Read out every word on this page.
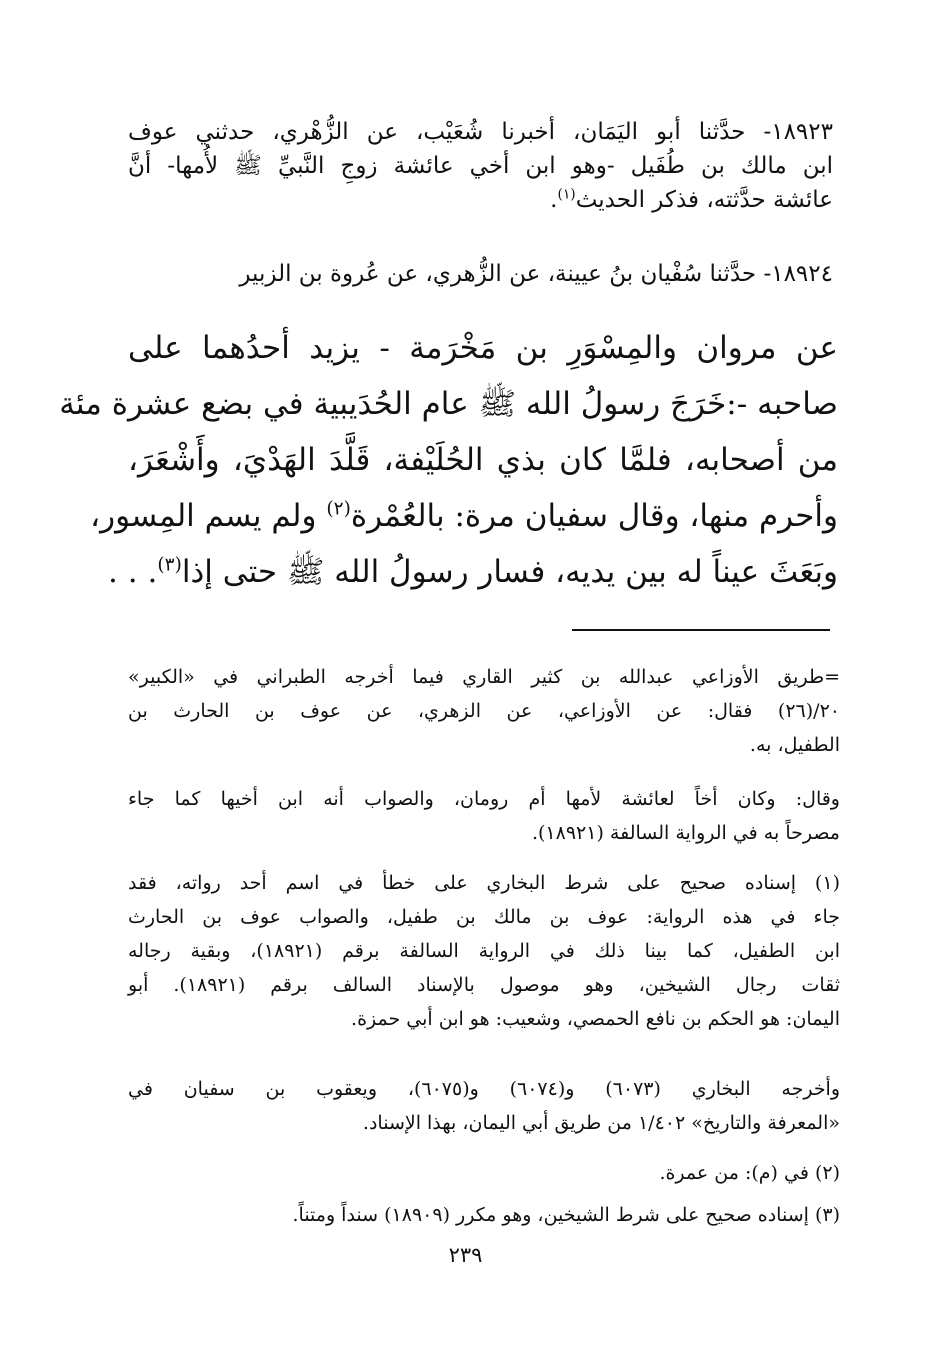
١٨٩٢٣- حدَّثنا أبو اليَمَان، أخبرنا شُعَيْب، عن الزُّهْري، حدثني عوف
ابن مالك بن طُفَيل -وهو ابن أخي عائشة زوجِ النَّبيِّ ﷺ لأُمها- أنَّ
عائشة حدَّثته، فذكر الحديث$^{(١)}$.
١٨٩٢٤- حدَّثنا سُفْيان بنُ عيينة، عن الزُّهري، عن عُروة بن الزبير
عن مروان والمِسْوَرِ بن مَخْرَمة - يزيد أحدُهما على
صاحبه -:خَرَجَ رسولُ الله ﷺ عام الحُدَيبية في بضع عشرة مئة
من أصحابه، فلمَّا كان بذي الحُلَيْفة، قَلَّدَ الهَدْيَ، وأَشْعَرَ،
وأحرم منها، وقال سفيان مرة: بالعُمْرة$^{(٢)}$ ولم يسم المِسور،
وبَعَثَ عيناً له بين يديه، فسار رسولُ الله ﷺ حتى إذا$^{(٣)}$. . .
=طريق الأوزاعي عبدالله بن كثير القاري فيما أخرجه الطبراني في «الكبير»
٢٠/(٢٦) فقال: عن الأوزاعي، عن الزهري، عن عوف بن الحارث بن
الطفيل، به.
وقال: وكان أخاً لعائشة لأمها أم رومان، والصواب أنه ابن أخيها كما جاء
مصرحاً به في الرواية السالفة (١٨٩٢١).
(١) إسناده صحيح على شرط البخاري على خطأ في اسم أحد رواته، فقد
جاء في هذه الرواية: عوف بن مالك بن طفيل، والصواب عوف بن الحارث
ابن الطفيل، كما بينا ذلك في الرواية السالفة برقم (١٨٩٢١)، وبقية رجاله
ثقات رجال الشيخين، وهو موصول بالإسناد السالف برقم (١٨٩٢١). أبو
اليمان: هو الحكم بن نافع الحمصي، وشعيب: هو ابن أبي حمزة.
وأخرجه البخاري (٦٠٧٣) و(٦٠٧٤) و(٦٠٧٥)، ويعقوب بن سفيان في
«المعرفة والتاريخ» ١/٤٠٢ من طريق أبي اليمان، بهذا الإسناد.
(٢) في (م): من عمرة.
(٣) إسناده صحيح على شرط الشيخين، وهو مكرر (١٨٩٠٩) سنداً ومتناً.
٢٣٩
